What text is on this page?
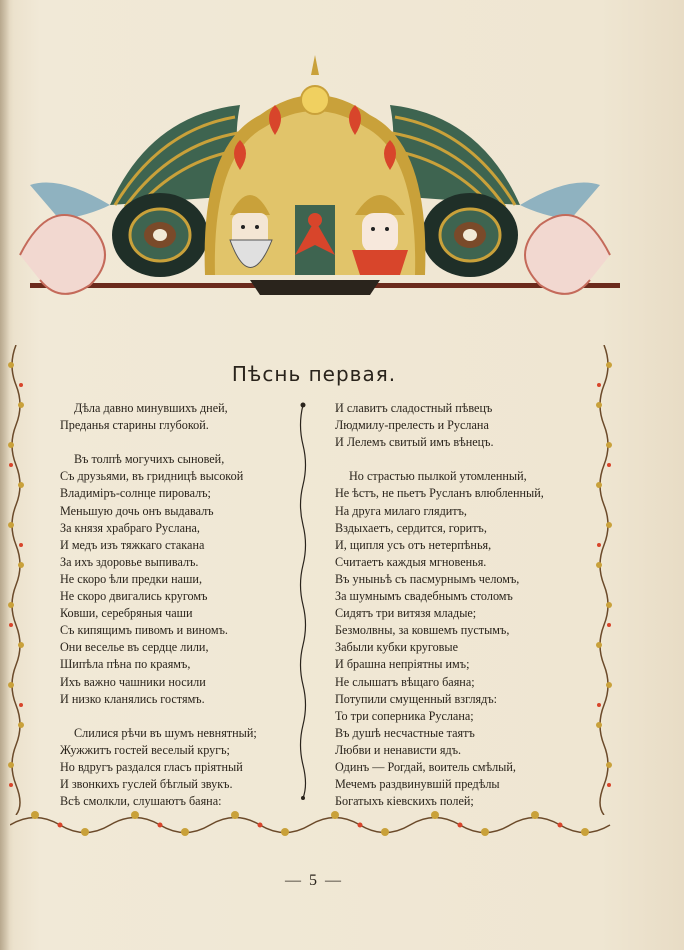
Пѣснь первая.
Дѣла давно минувшихъ дней,
Преданья старины глубокой.
Въ толпѣ могучихъ сыновей,
Съ друзьями, въ гридницѣ высокой
Владиміръ-солнце пировалъ;
Меньшую дочь онъ выдавалъ
За князя храбраго Руслана,
И медъ изъ тяжкаго стакана
За ихъ здоровье выпивалъ.
Не скоро ѣли предки наши,
Не скоро двигались кругомъ
Ковши, серебряныя чаши
Съ кипящимъ пивомъ и виномъ.
Они веселье въ сердце лили,
Шипѣла пѣна по краямъ,
Ихъ важно чашники носили
И низко кланялись гостямъ.
Слилися рѣчи въ шумъ невнятный;
Жужжитъ гостей веселый кругъ;
Но вдругъ раздался гласъ пріятный
И звонкихъ гуслей бѣглый звукъ.
Всѣ смолкли, слушаютъ баяна:
И славитъ сладостный пѣвецъ
Людмилу-прелесть и Руслана
И Лелемъ свитый имъ вѣнецъ.
Но страстью пылкой утомленный,
Не ѣстъ, не пьетъ Русланъ влюбленный,
На друга милаго глядитъ,
Вздыхаетъ, сердится, горитъ,
И, щипля усъ отъ нетерпѣнья,
Считаетъ каждыя мгновенья.
Въ уныньѣ съ пасмурнымъ челомъ,
За шумнымъ свадебнымъ столомъ
Сидятъ три витязя младые;
Безмолвны, за ковшемъ пустымъ,
Забыли кубки круговые
И брашна непріятны имъ;
Не слышатъ вѣщаго баяна;
Потупили смущенный взглядъ:
То три соперника Руслана;
Въ душѣ несчастные таятъ
Любви и ненависти ядъ.
Одинъ — Рогдай, воитель смѣлый,
Мечемъ раздвинувшій предѣлы
Богатыхъ кіевскихъ полей;
— 5 —
